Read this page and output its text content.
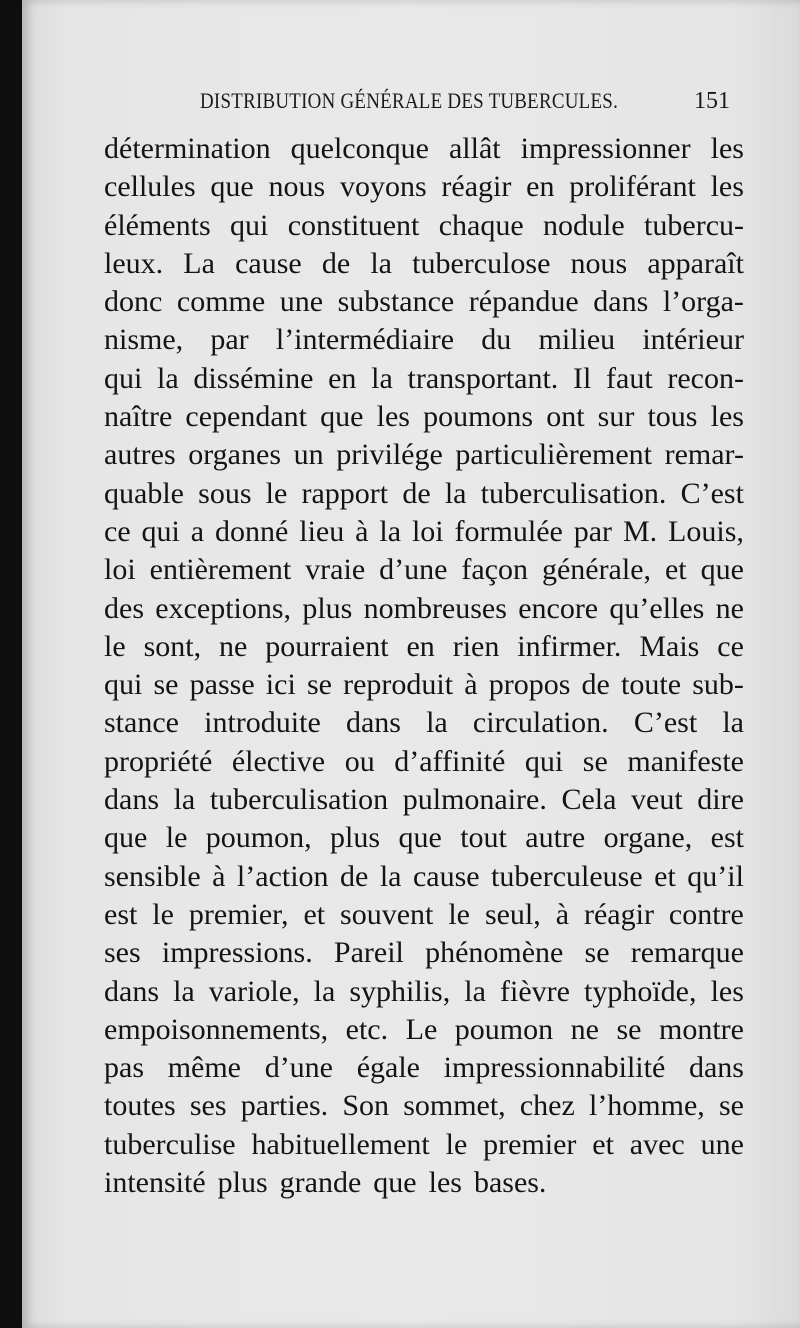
DISTRIBUTION GÉNÉRALE DES TUBERCULES.	151
détermination quelconque allât impressionner les
cellules que nous voyons réagir en proliférant les
éléments qui constituent chaque nodule tubercu-
leux. La cause de la tuberculose nous apparaît
donc comme une substance répandue dans l’orga-
nisme, par l’intermédiaire du milieu intérieur
qui la dissémine en la transportant. Il faut recon-
naître cependant que les poumons ont sur tous les
autres organes un privilége particulièrement remar-
quable sous le rapport de la tuberculisation. C’est
ce qui a donné lieu à la loi formulée par M. Louis,
loi entièrement vraie d’une façon générale, et que
des exceptions, plus nombreuses encore qu’elles ne
le sont, ne pourraient en rien infirmer. Mais ce
qui se passe ici se reproduit à propos de toute sub-
stance introduite dans la circulation. C’est la
propriété élective ou d’affinité qui se manifeste
dans la tuberculisation pulmonaire. Cela veut dire
que le poumon, plus que tout autre organe, est
sensible à l’action de la cause tuberculeuse et qu’il
est le premier, et souvent le seul, à réagir contre
ses impressions. Pareil phénomène se remarque
dans la variole, la syphilis, la fièvre typhoïde, les
empoisonnements, etc. Le poumon ne se montre
pas même d’une égale impressionnabilité dans
toutes ses parties. Son sommet, chez l’homme, se
tuberculise habituellement le premier et avec une
intensité plus grande que les bases.
